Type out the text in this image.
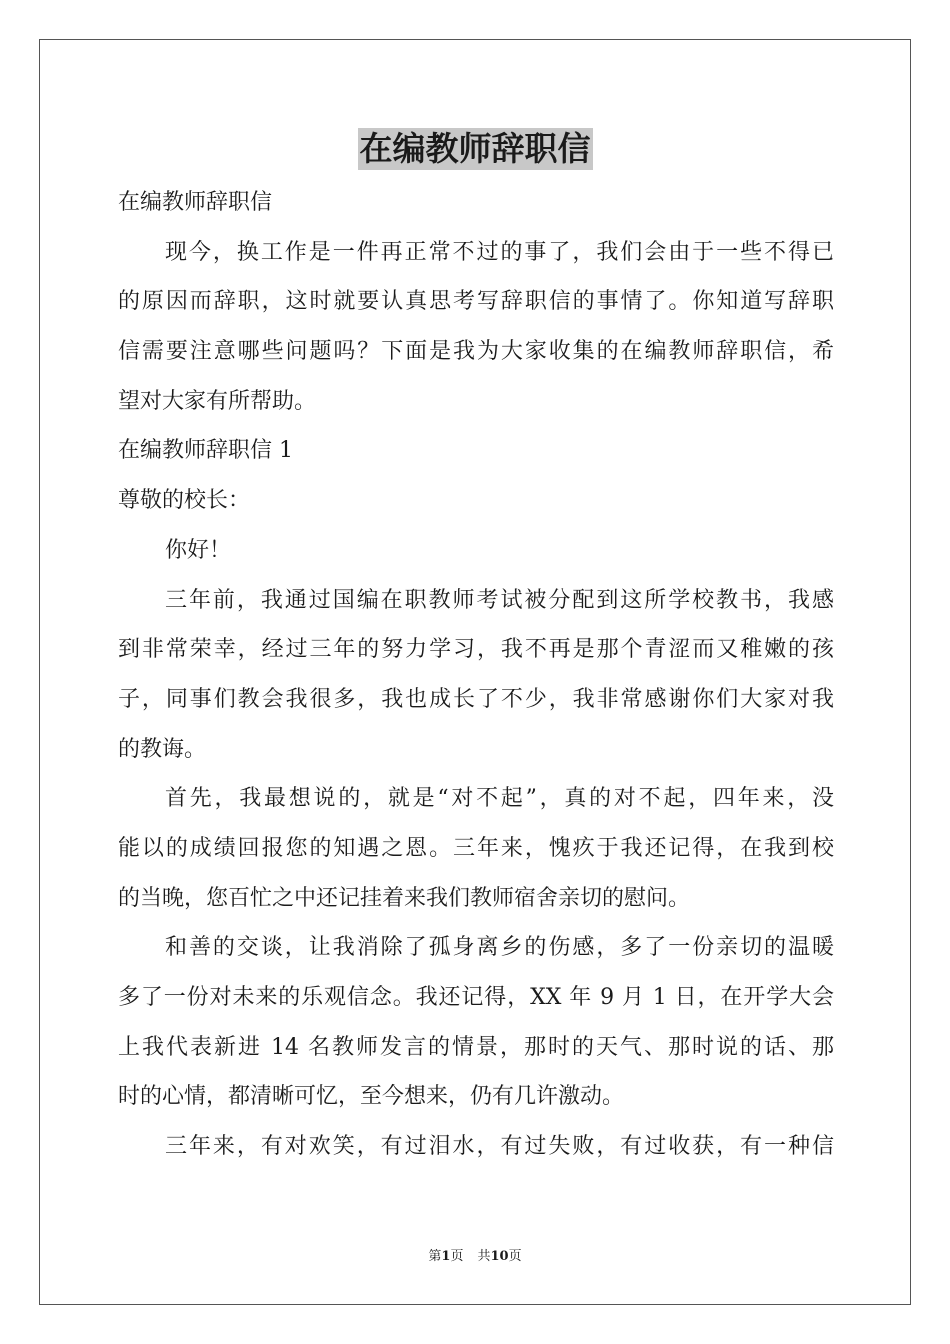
在编教师辞职信
在编教师辞职信
现今，换工作是一件再正常不过的事了，我们会由于一些不得已
的原因而辞职，这时就要认真思考写辞职信的事情了。你知道写辞职
信需要注意哪些问题吗？下面是我为大家收集的在编教师辞职信，希
望对大家有所帮助。
在编教师辞职信 1
尊敬的校长：
你好！
三年前，我通过国编在职教师考试被分配到这所学校教书，我感
到非常荣幸，经过三年的努力学习，我不再是那个青涩而又稚嫩的孩
子，同事们教会我很多，我也成长了不少，我非常感谢你们大家对我
的教诲。
首先，我最想说的，就是“对不起”，真的对不起，四年来，没
能以的成绩回报您的知遇之恩。三年来，愧疚于我还记得，在我到校
的当晚，您百忙之中还记挂着来我们教师宿舍亲切的慰问。
和善的交谈，让我消除了孤身离乡的伤感，多了一份亲切的温暖
多了一份对未来的乐观信念。我还记得，XX 年 9 月 1 日，在开学大会
上我代表新进 14 名教师发言的情景，那时的天气、那时说的话、那
时的心情，都清晰可忆，至今想来，仍有几许激动。
三年来，有对欢笑，有过泪水，有过失败，有过收获，有一种信
第1页 共10页
